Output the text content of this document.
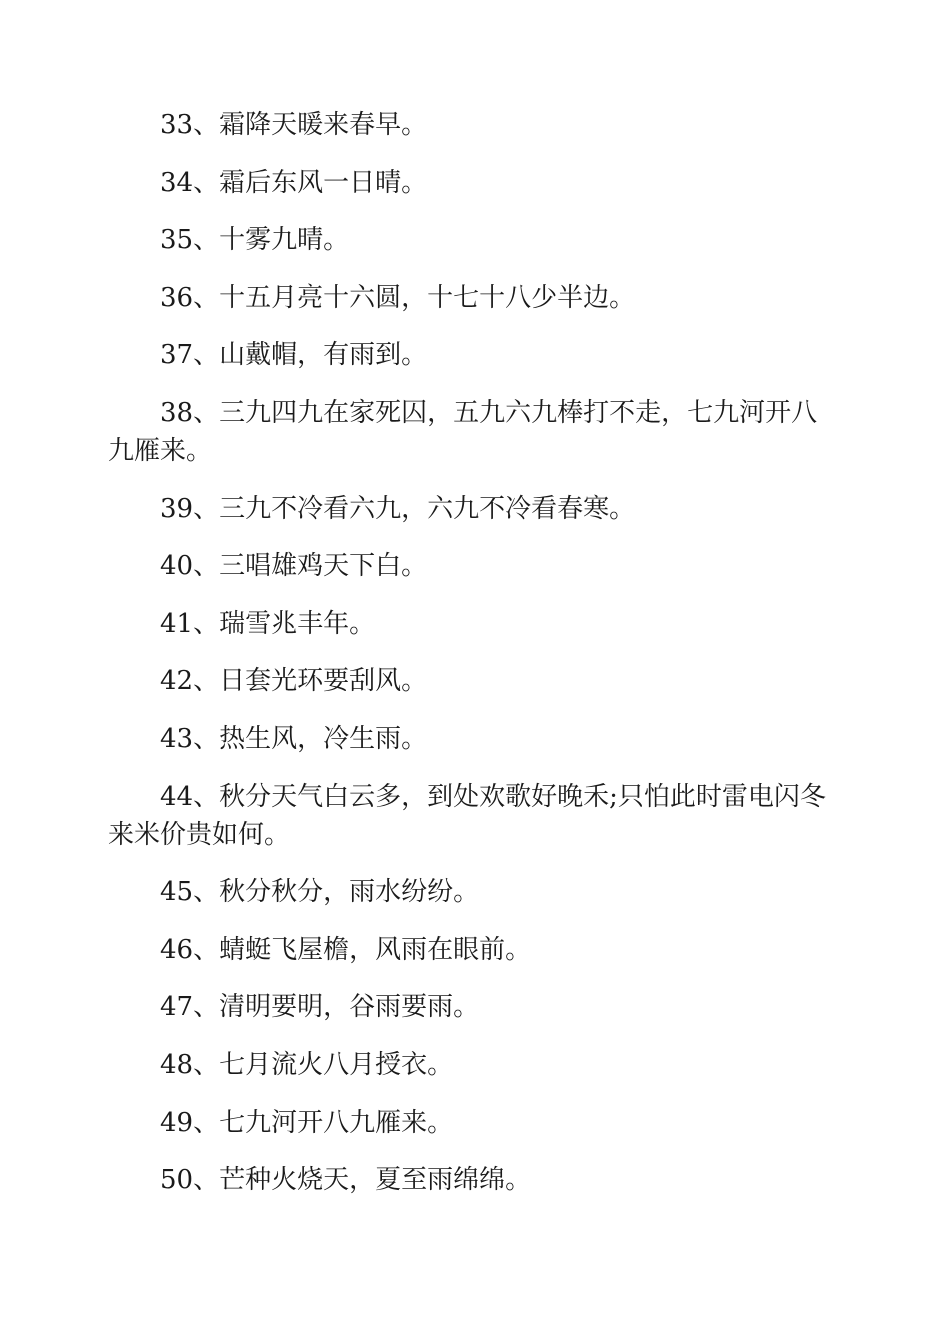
33、霜降天暖来春早。

34、霜后东风一日晴。

35、十雾九晴。

36、十五月亮十六圆，十七十八少半边。

37、山戴帽，有雨到。

38、三九四九在家死囚，五九六九棒打不走，七九河开八九雁来。

39、三九不冷看六九，六九不冷看春寒。

40、三唱雄鸡天下白。

41、瑞雪兆丰年。

42、日套光环要刮风。

43、热生风，冷生雨。

44、秋分天气白云多，到处欢歌好晚禾;只怕此时雷电闪冬来米价贵如何。

45、秋分秋分，雨水纷纷。

46、蜻蜓飞屋檐，风雨在眼前。

47、清明要明，谷雨要雨。

48、七月流火八月授衣。

49、七九河开八九雁来。

50、芒种火烧天，夏至雨绵绵。
